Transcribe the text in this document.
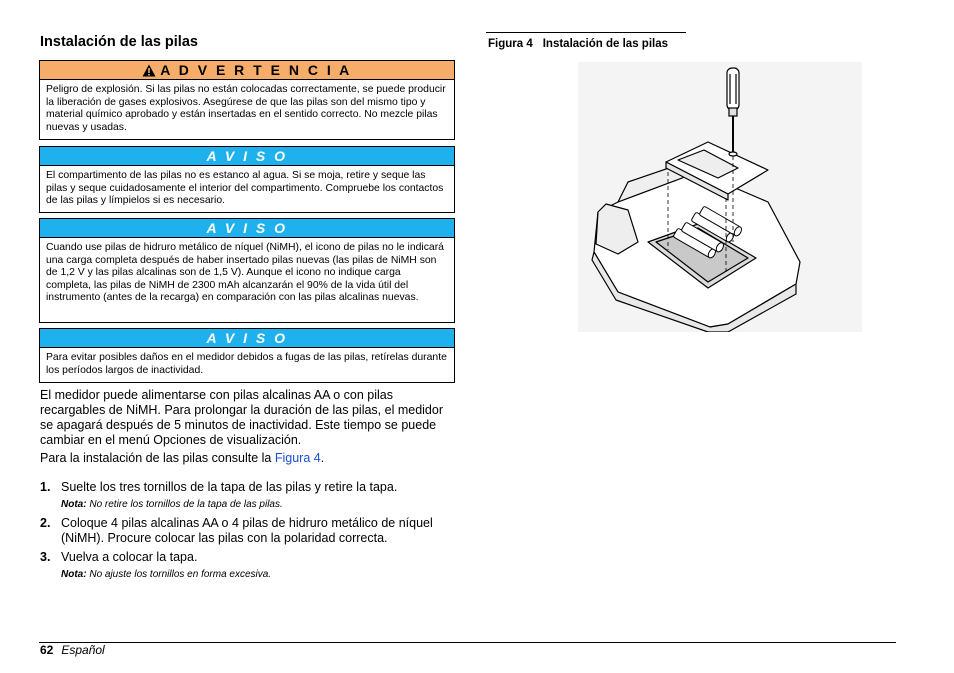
Instalación de las pilas
A D V E R T E N C I A
Peligro de explosión. Si las pilas no están colocadas correctamente, se puede producir la liberación de gases explosivos. Asegúrese de que las pilas son del mismo tipo y material químico aprobado y están insertadas en el sentido correcto. No mezcle pilas nuevas y usadas.
A V I S O
El compartimento de las pilas no es estanco al agua. Si se moja, retire y seque las pilas y seque cuidadosamente el interior del compartimento. Compruebe los contactos de las pilas y límpielos si es necesario.
A V I S O
Cuando use pilas de hidruro metálico de níquel (NiMH), el icono de pilas no le indicará una carga completa después de haber insertado pilas nuevas (las pilas de NiMH son de 1,2 V y las pilas alcalinas son de 1,5 V). Aunque el icono no indique carga completa, las pilas de NiMH de 2300 mAh alcanzarán el 90% de la vida útil del instrumento (antes de la recarga) en comparación con las pilas alcalinas nuevas.
A V I S O
Para evitar posibles daños en el medidor debidos a fugas de las pilas, retírelas durante los períodos largos de inactividad.
El medidor puede alimentarse con pilas alcalinas AA o con pilas recargables de NiMH. Para prolongar la duración de las pilas, el medidor se apagará después de 5 minutos de inactividad. Este tiempo se puede cambiar en el menú Opciones de visualización.
Para la instalación de las pilas consulte la Figura 4.
1. Suelte los tres tornillos de la tapa de las pilas y retire la tapa.
Nota: No retire los tornillos de la tapa de las pilas.
2. Coloque 4 pilas alcalinas AA o 4 pilas de hidruro metálico de níquel (NiMH). Procure colocar las pilas con la polaridad correcta.
3. Vuelva a colocar la tapa.
Nota: No ajuste los tornillos en forma excesiva.
Figura 4 Instalación de las pilas
62 Español
